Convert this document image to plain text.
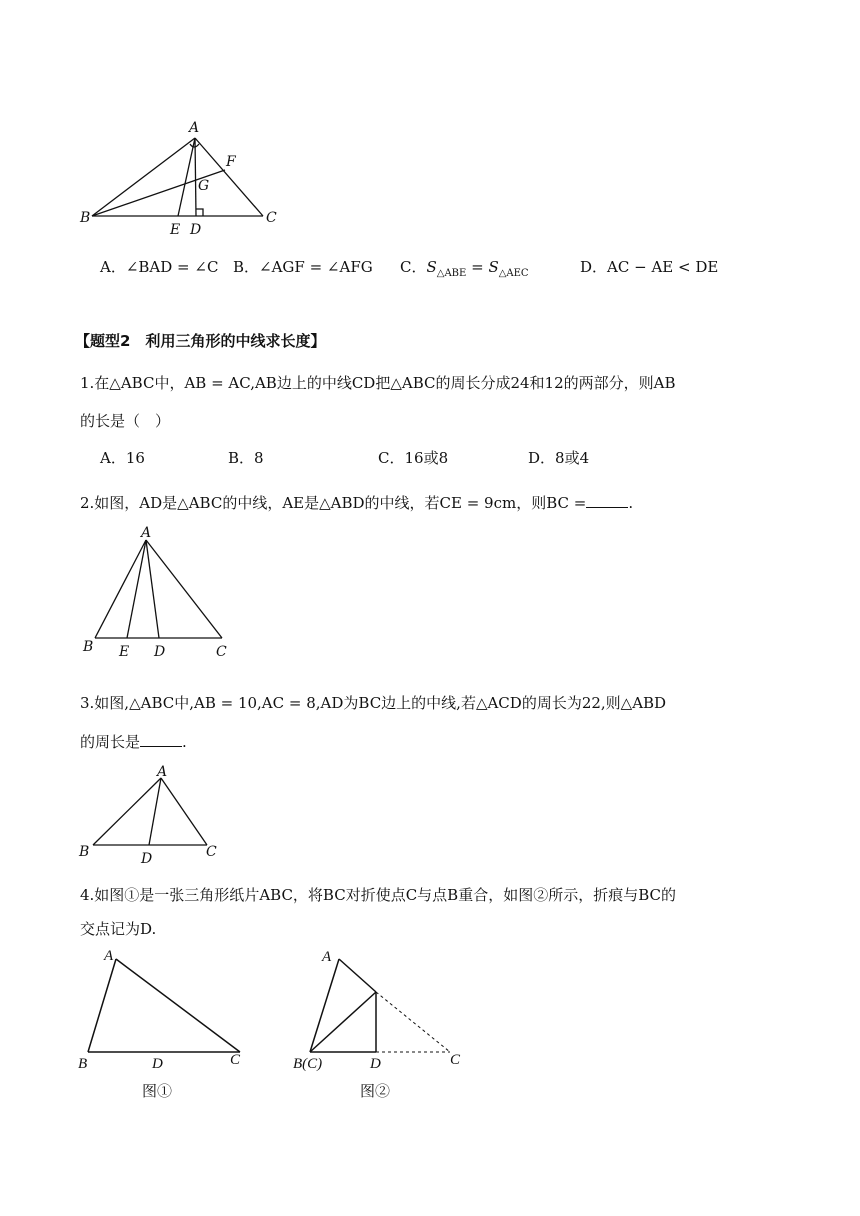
A
B	C
D
E
F
G
A．∠BAD = ∠C B．∠AGF = ∠AFG C．$S_{\triangle ABE} = S_{\triangle AEC}$	D．AC − AE < DE
【题型2　利用三角形的中线求长度】
1.在△ABC中，AB = AC,AB边上的中线CD把△ABC的周长分成24和12的两部分，则AB
的长是（　）
A．16	B．8	C．16或8	D．8或4
2.如图，AD是△ABC的中线，AE是△ABD的中线，若CE = 9cm，则BC =	.
A
B E D	C
3.如图,△ABC中,AB = 10,AC = 8,AD为BC边上的中线,若△ACD的周长为22,则△ABD
的周长是	.
A
B	D	C
4.如图①是一张三角形纸片ABC，将BC对折使点C与点B重合，如图②所示，折痕与BC的
交点记为D.
A
B	D	C
图①
A
B(C)	D	C
图②
